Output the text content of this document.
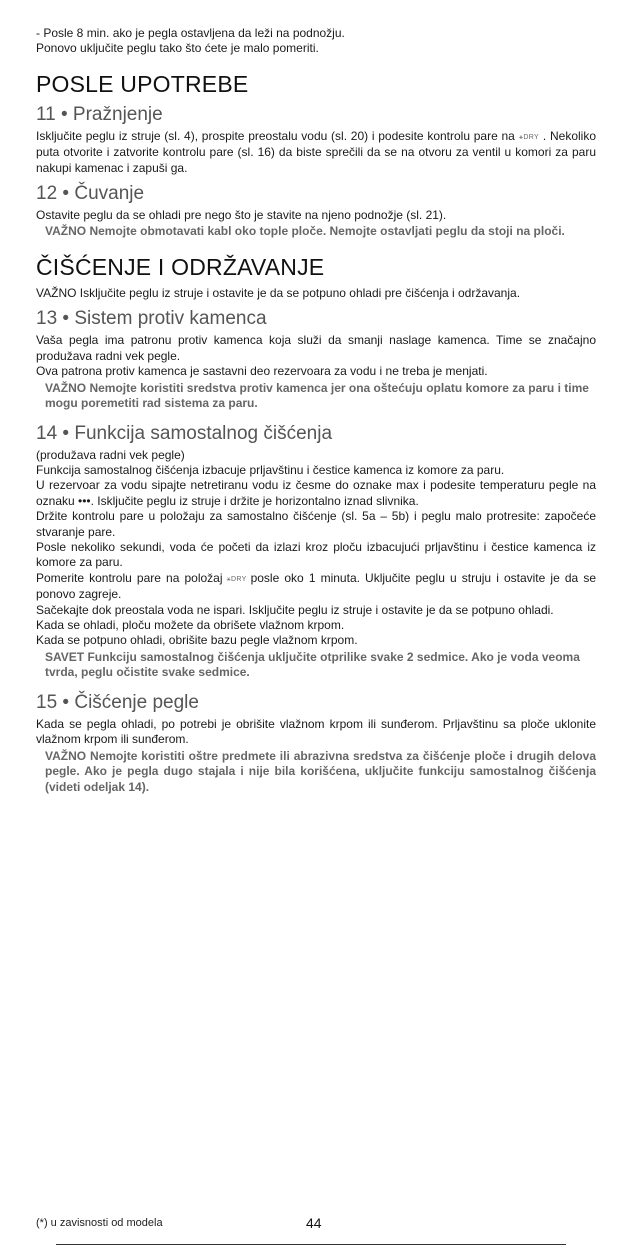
- Posle 8 min. ako je pegla ostavljena da leži na podnožju.

Ponovo uključite peglu tako što ćete je malo pomeriti.

POSLE UPOTREBE
11 • Pražnjenje

Isključite peglu iz struje (sl. 4), prospite preostalu vodu (sl. 20) i podesite kontrolu pare na ⚹DRY . Nekoliko puta otvorite i zatvorite kontrolu pare (sl. 16) da biste sprečili da se na otvoru za ventil u komori za paru nakupi kamenac i zapuši ga.

12 • Čuvanje

Ostavite peglu da se ohladi pre nego što je stavite na njeno podnožje (sl. 21).

VAŽNO Nemojte obmotavati kabl oko tople ploče. Nemojte ostavljati peglu da stoji na ploči.

ČIŠĆENJE I ODRŽAVANJE

VAŽNO Isključite peglu iz struje i ostavite je da se potpuno ohladi pre čišćenja i održavanja.

13 • Sistem protiv kamenca

Vaša pegla ima patronu protiv kamenca koja služi da smanji naslage kamenca. Time se značajno produžava radni vek pegle.

Ova patrona protiv kamenca je sastavni deo rezervoara za vodu i ne treba je menjati.

VAŽNO Nemojte koristiti sredstva protiv kamenca jer ona oštećuju oplatu komore za paru i time mogu poremetiti rad sistema za paru.

14 • Funkcija samostalnog čišćenja

(produžava radni vek pegle)

Funkcija samostalnog čišćenja izbacuje prljavštinu i čestice kamenca iz komore za paru.

U rezervoar za vodu sipajte netretiranu vodu iz česme do oznake max i podesite temperaturu pegle na oznaku •••. Isključite peglu iz struje i držite je horizontalno iznad slivnika.

Držite kontrolu pare u položaju za samostalno čišćenje (sl. 5a – 5b) i peglu malo protresite: započeće stvaranje pare.

Posle nekoliko sekundi, voda će početi da izlazi kroz ploču izbacujući prljavštinu i čestice kamenca iz komore za paru.

Pomerite kontrolu pare na položaj ⚹DRY posle oko 1 minuta. Uključite peglu u struju i ostavite je da se ponovo zagreje.

Sačekajte dok preostala voda ne ispari. Isključite peglu iz struje i ostavite je da se potpuno ohladi.

Kada se ohladi, ploču možete da obrišete vlažnom krpom.

Kada se potpuno ohladi, obrišite bazu pegle vlažnom krpom.

SAVET Funkciju samostalnog čišćenja uključite otprilike svake 2 sedmice. Ako je voda veoma tvrda, peglu očistite svake sedmice.

15 • Čišćenje pegle

Kada se pegla ohladi, po potrebi je obrišite vlažnom krpom ili sunđerom. Prljavštinu sa ploče uklonite vlažnom krpom ili sunđerom.

VAŽNO Nemojte koristiti oštre predmete ili abrazivna sredstva za čišćenje ploče i drugih delova pegle. Ako je pegla dugo stajala i nije bila korišćena, uključite funkciju samostalnog čišćenja (videti odeljak 14).

(*) u zavisnosti od modela	44
